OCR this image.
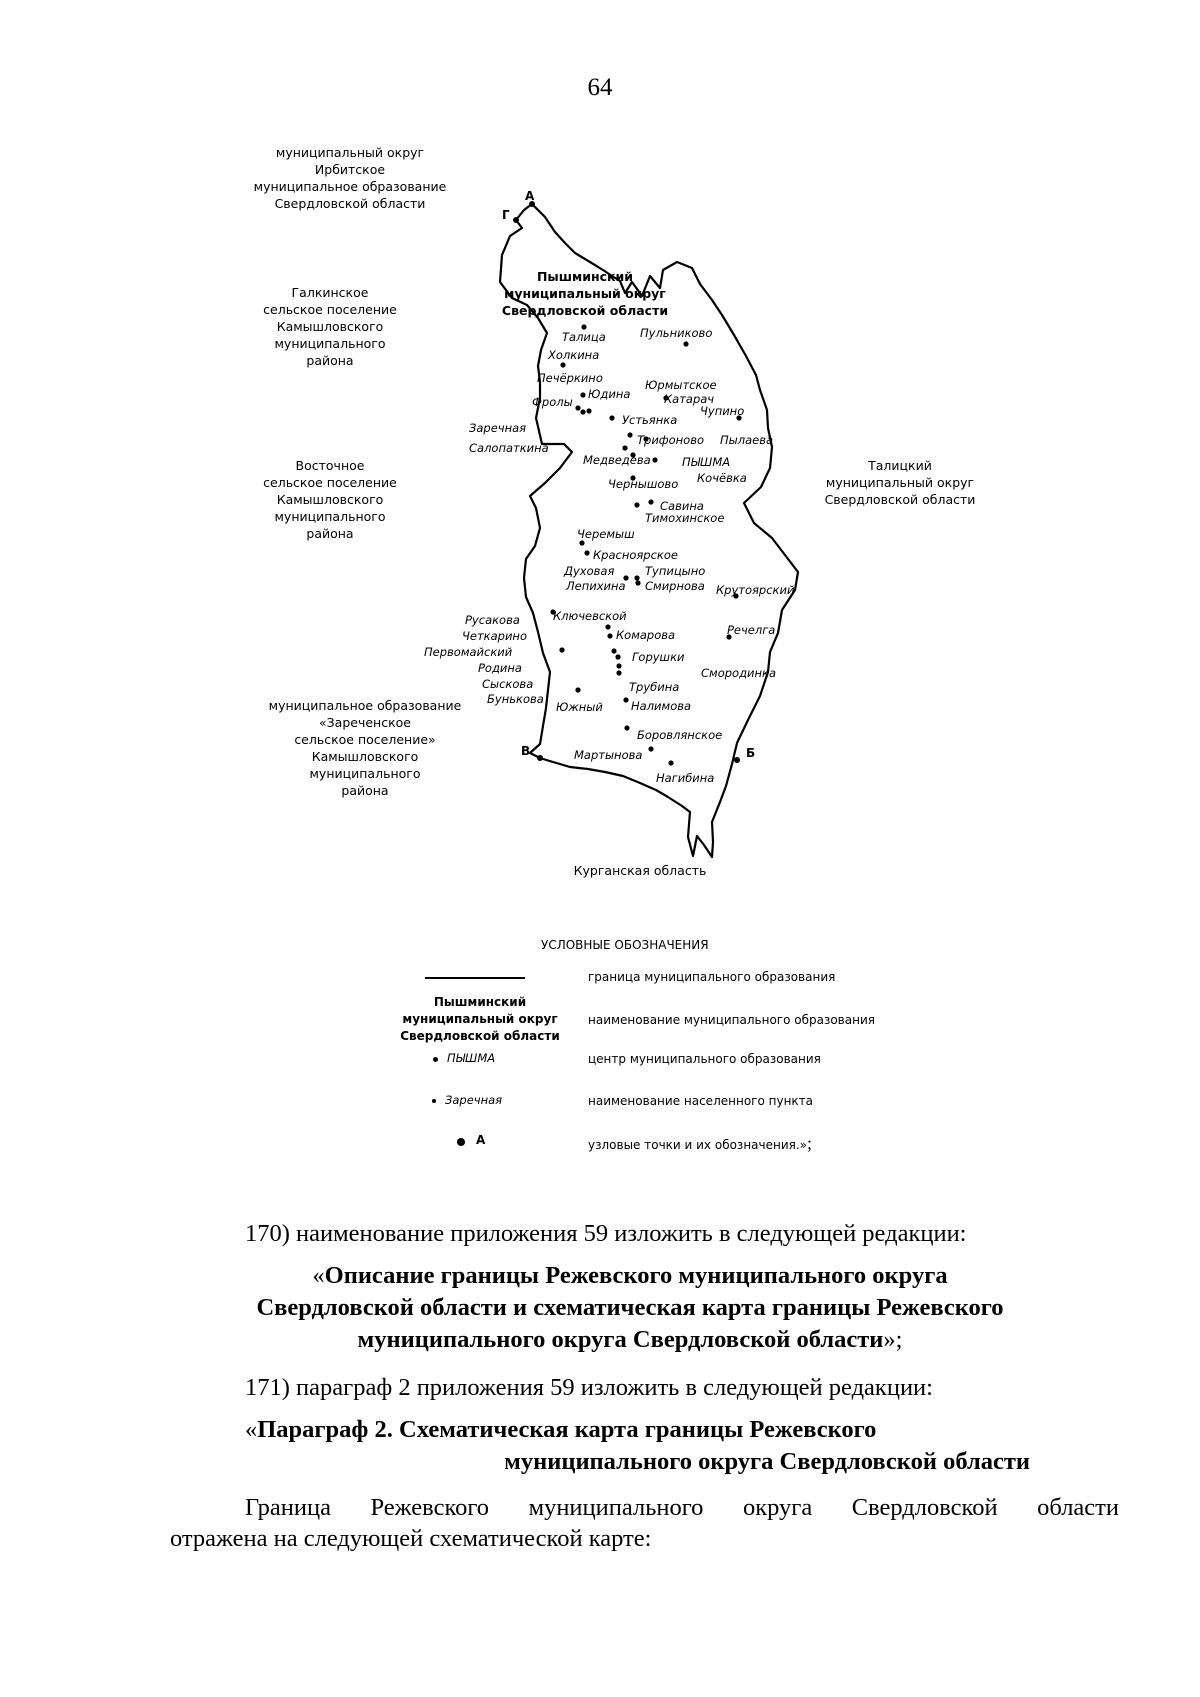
64
муниципальный округ
Ирбитское
муниципальное образование
Свердловской области
Галкинское
сельское поселение
Камышловского
муниципального
района
Восточное
сельское поселение
Камышловского
муниципального
района
муниципальное образование
«Зареченское
сельское поселение»
Камышловского
муниципального
района
Талицкий
муниципальный округ
Свердловской области
Курганская область
А
Б
В
Г
Пышминский
муниципальный округ
Свердловской области
Талица	Пульниково
Холкина
Печёркино	Юрмытское
Юдина	Катарач
Фролы
Чупино
Устьянка
Заречная
Трифоново Пылаева
Салопаткина
Медведева	ПЫШМА
Кочёвка
Чернышово
Савина
Тимохинское
Черемыш
Красноярское
Духовая	Тупицыно
Лепихина Смирнова Крутоярский
Ключевской
Русакова
Комарова	Речелга
Четкарино
Первомайский	Горушки
Родина	Смородинка
Сыскова	Трубина
Бунькова
Южный Налимова
Боровлянское
Мартынова
Нагибина
УСЛОВНЫЕ ОБОЗНАЧЕНИЯ
граница муниципального образования
Пышминский
муниципальный округ
Свердловской области
наименование муниципального образования
ПЫШМА	центр муниципального образования
Заречная	наименование населенного пункта
А	узловые точки и их обозначения.»;
170) наименование приложения 59 изложить в следующей редакции:
«Описание границы Режевского муниципального округа
Свердловской области и схематическая карта границы Режевского
муниципального округа Свердловской области»;
171) параграф 2 приложения 59 изложить в следующей редакции:
«Параграф 2. Схематическая карта границы Режевского
муниципального округа Свердловской области
Граница Режевского муниципального округа Свердловской области
отражена на следующей схематической карте:
